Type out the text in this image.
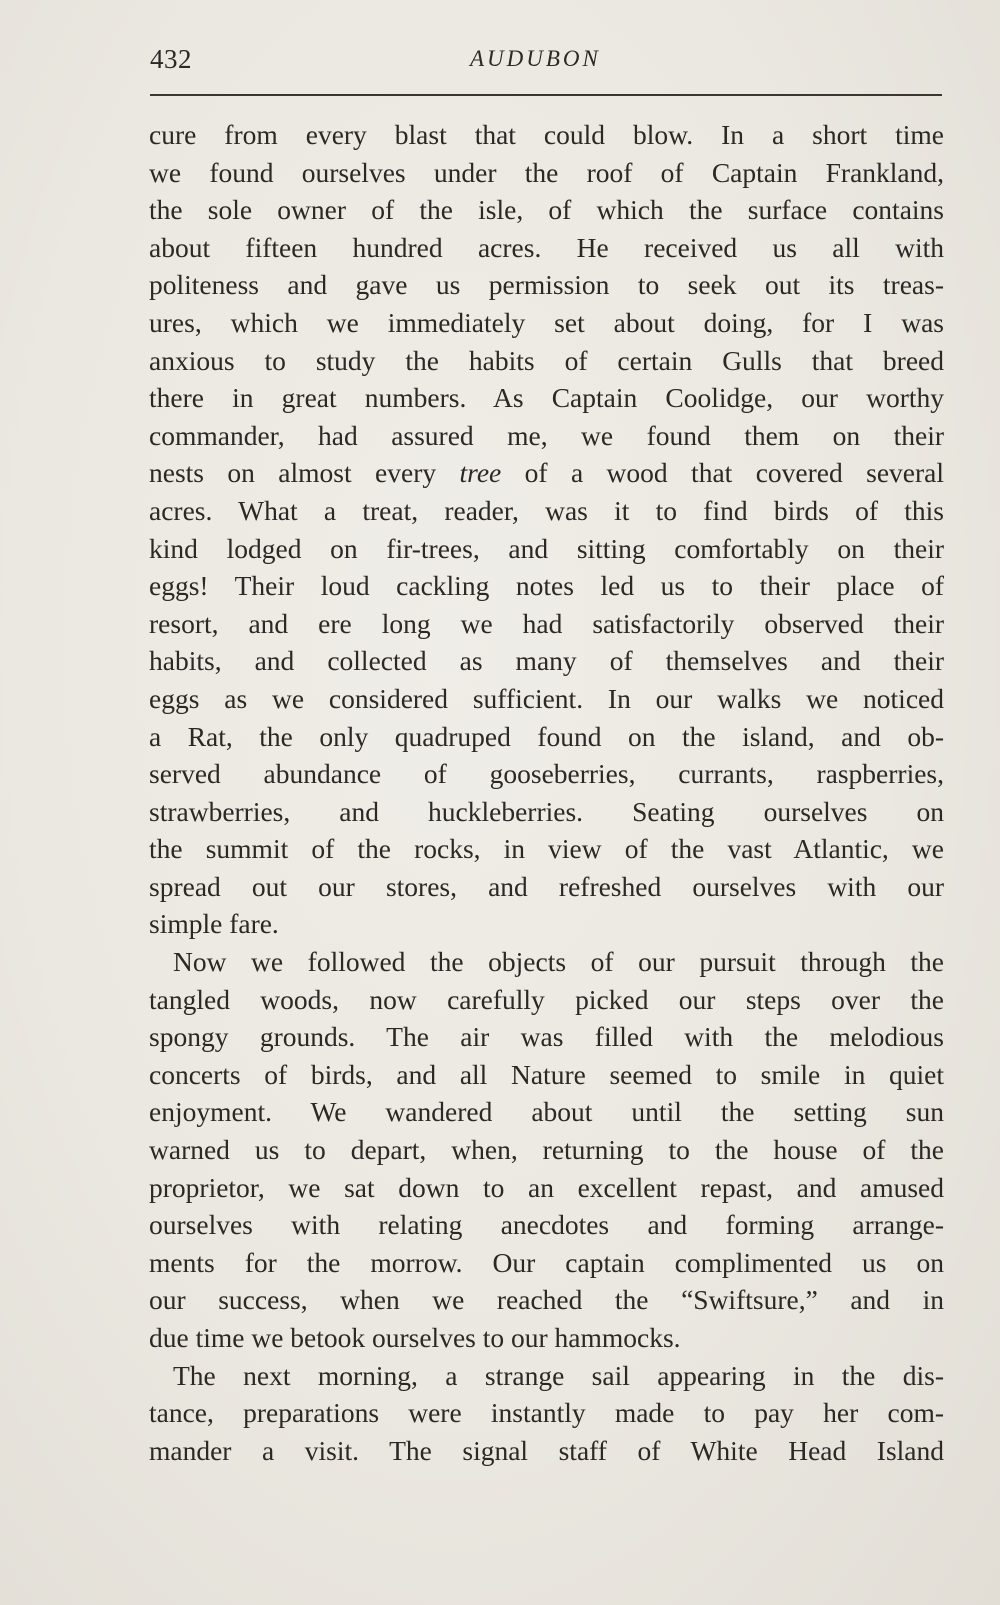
432	AUDUBON
cure from every blast that could blow. In a short time
we found ourselves under the roof of Captain Frankland,
the sole owner of the isle, of which the surface contains
about fifteen hundred acres. He received us all with
politeness and gave us permission to seek out its treas-
ures, which we immediately set about doing, for I was
anxious to study the habits of certain Gulls that breed
there in great numbers. As Captain Coolidge, our worthy
commander, had assured me, we found them on their
nests on almost every tree of a wood that covered several
acres. What a treat, reader, was it to find birds of this
kind lodged on fir-trees, and sitting comfortably on their
eggs! Their loud cackling notes led us to their place of
resort, and ere long we had satisfactorily observed their
habits, and collected as many of themselves and their
eggs as we considered sufficient. In our walks we noticed
a Rat, the only quadruped found on the island, and ob-
served abundance of gooseberries, currants, raspberries,
strawberries, and huckleberries. Seating ourselves on
the summit of the rocks, in view of the vast Atlantic, we
spread out our stores, and refreshed ourselves with our
simple fare.
Now we followed the objects of our pursuit through the
tangled woods, now carefully picked our steps over the
spongy grounds. The air was filled with the melodious
concerts of birds, and all Nature seemed to smile in quiet
enjoyment. We wandered about until the setting sun
warned us to depart, when, returning to the house of the
proprietor, we sat down to an excellent repast, and amused
ourselves with relating anecdotes and forming arrange-
ments for the morrow. Our captain complimented us on
our success, when we reached the “Swiftsure,” and in
due time we betook ourselves to our hammocks.
The next morning, a strange sail appearing in the dis-
tance, preparations were instantly made to pay her com-
mander a visit. The signal staff of White Head Island
